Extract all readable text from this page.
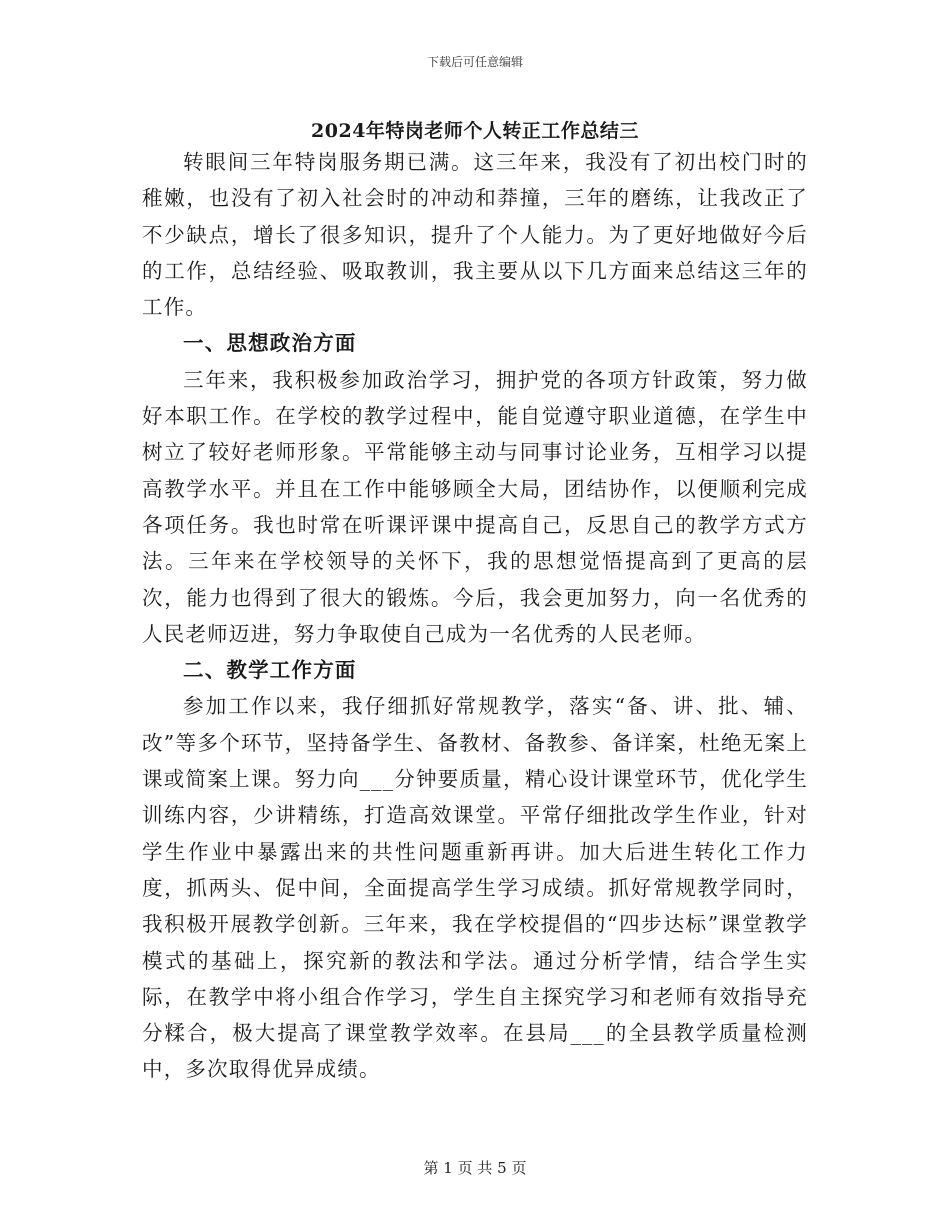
下载后可任意编辑
2024年特岗老师个人转正工作总结三

转眼间三年特岗服务期已满。这三年来，我没有了初出校门时的稚嫩，也没有了初入社会时的冲动和莽撞，三年的磨练，让我改正了不少缺点，增长了很多知识，提升了个人能力。为了更好地做好今后的工作，总结经验、吸取教训，我主要从以下几方面来总结这三年的工作。

一、思想政治方面

三年来，我积极参加政治学习，拥护党的各项方针政策，努力做好本职工作。在学校的教学过程中，能自觉遵守职业道德，在学生中树立了较好老师形象。平常能够主动与同事讨论业务，互相学习以提高教学水平。并且在工作中能够顾全大局，团结协作，以便顺利完成各项任务。我也时常在听课评课中提高自己，反思自己的教学方式方法。三年来在学校领导的关怀下，我的思想觉悟提高到了更高的层次，能力也得到了很大的锻炼。今后，我会更加努力，向一名优秀的人民老师迈进，努力争取使自己成为一名优秀的人民老师。

二、教学工作方面

参加工作以来，我仔细抓好常规教学，落实“备、讲、批、辅、改”等多个环节，坚持备学生、备教材、备教参、备详案，杜绝无案上课或简案上课。努力向___分钟要质量，精心设计课堂环节，优化学生训练内容，少讲精练，打造高效课堂。平常仔细批改学生作业，针对学生作业中暴露出来的共性问题重新再讲。加大后进生转化工作力度，抓两头、促中间，全面提高学生学习成绩。抓好常规教学同时，我积极开展教学创新。三年来，我在学校提倡的“四步达标”课堂教学模式的基础上，探究新的教法和学法。通过分析学情，结合学生实际，在教学中将小组合作学习，学生自主探究学习和老师有效指导充分糅合，极大提高了课堂教学效率。在县局___的全县教学质量检测中，多次取得优异成绩。

第 1 页 共 5 页
